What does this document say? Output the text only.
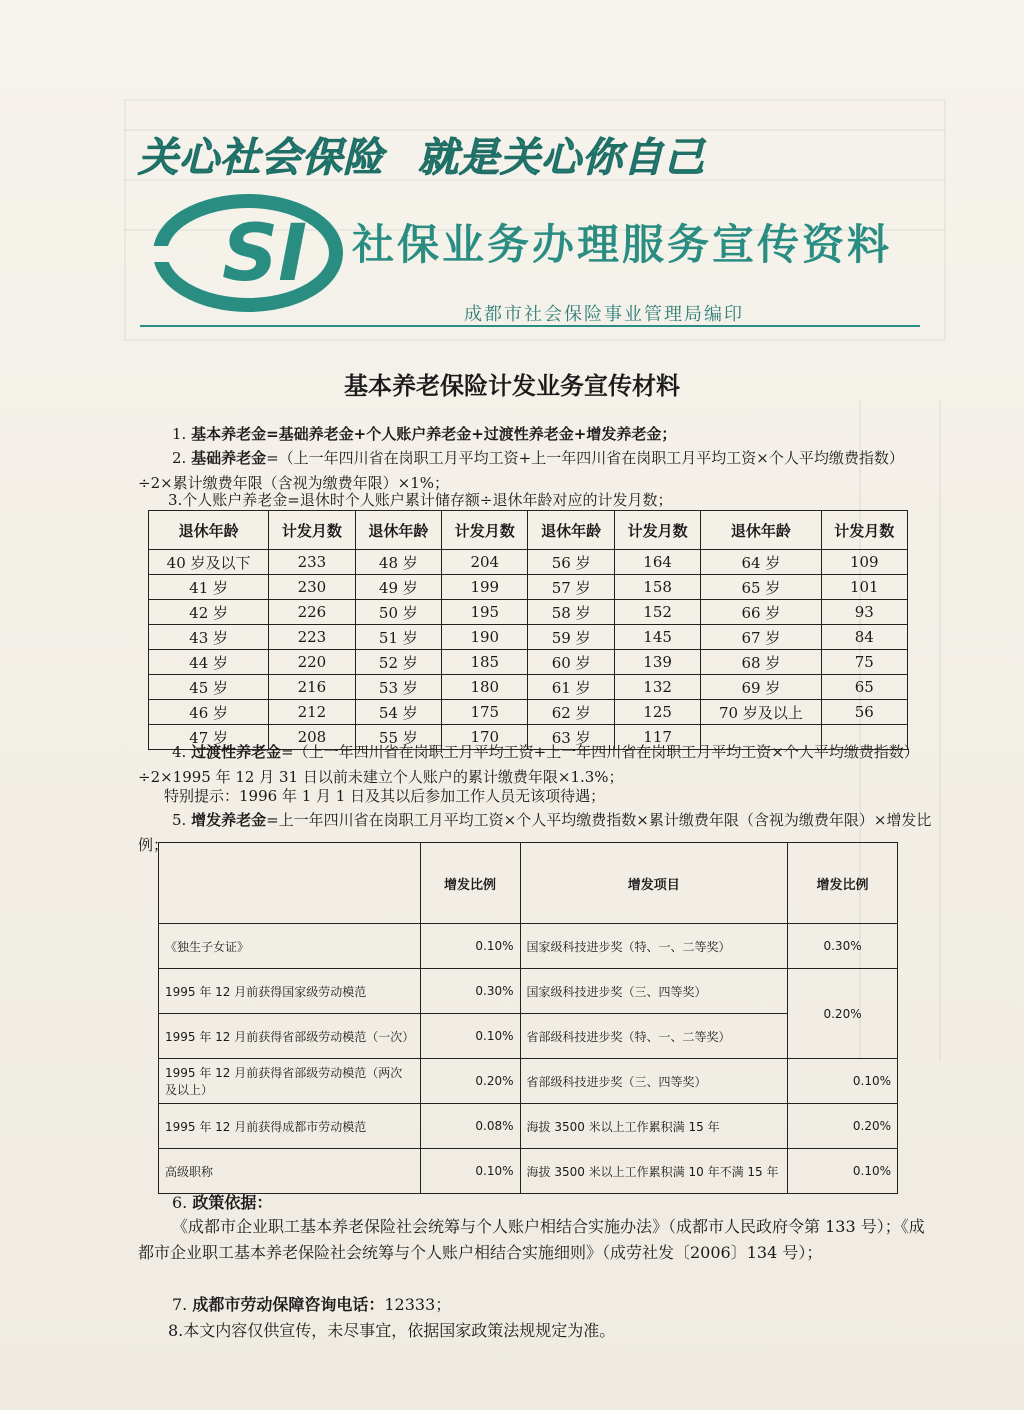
关心社会保险 就是关心你自己
SI 社保业务办理服务宣传资料
成都市社会保险事业管理局编印
基本养老保险计发业务宣传材料
1. 基本养老金=基础养老金+个人账户养老金+过渡性养老金+增发养老金；
2. 基础养老金=（上一年四川省在岗职工月平均工资+上一年四川省在岗职工月平均工资×个人平均缴费指数）÷2×累计缴费年限（含视为缴费年限）×1%；
3.个人账户养老金=退休时个人账户累计储存额÷退休年龄对应的计发月数；
退休年龄	计发月数	退休年龄	计发月数	退休年龄	计发月数	退休年龄	计发月数
40 岁及以下	233	48 岁	204	56 岁	164	64 岁	109
41 岁	230	49 岁	199	57 岁	158	65 岁	101
42 岁	226	50 岁	195	58 岁	152	66 岁	93
43 岁	223	51 岁	190	59 岁	145	67 岁	84
44 岁	220	52 岁	185	60 岁	139	68 岁	75
45 岁	216	53 岁	180	61 岁	132	69 岁	65
46 岁	212	54 岁	175	62 岁	125	70 岁及以上	56
47 岁	208	55 岁	170	63 岁	117		
4. 过渡性养老金=（上一年四川省在岗职工月平均工资+上一年四川省在岗职工月平均工资×个人平均缴费指数）÷2×1995 年 12 月 31 日以前未建立个人账户的累计缴费年限×1.3%；
特别提示：1996 年 1 月 1 日及其以后参加工作人员无该项待遇；
5. 增发养老金=上一年四川省在岗职工月平均工资×个人平均缴费指数×累计缴费年限（含视为缴费年限）×增发比例；
	增发比例	增发项目	增发比例
《独生子女证》	0.10%	国家级科技进步奖（特、一、二等奖）	0.30%
1995 年 12 月前获得国家级劳动模范	0.30%	国家级科技进步奖（三、四等奖）	0.20%
1995 年 12 月前获得省部级劳动模范（一次）	0.10%	省部级科技进步奖（特、一、二等奖）	
1995 年 12 月前获得省部级劳动模范（两次及以上）	0.20%	省部级科技进步奖（三、四等奖）	0.10%
1995 年 12 月前获得成都市劳动模范	0.08%	海拔 3500 米以上工作累积满 15 年	0.20%
高级职称	0.10%	海拔 3500 米以上工作累积满 10 年不满 15 年	0.10%
6. 政策依据：
《成都市企业职工基本养老保险社会统筹与个人账户相结合实施办法》（成都市人民政府令第 133 号）；《成都市企业职工基本养老保险社会统筹与个人账户相结合实施细则》（成劳社发〔2006〕134 号）；
7. 成都市劳动保障咨询电话：12333；
8.本文内容仅供宣传，未尽事宜，依据国家政策法规规定为准。
